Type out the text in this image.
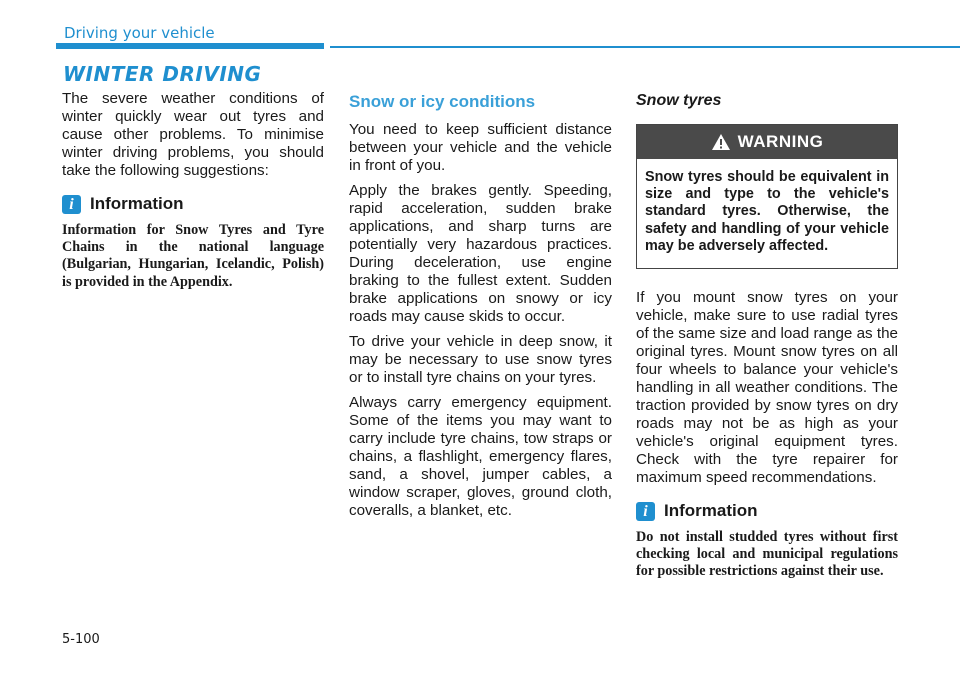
Driving your vehicle
WINTER DRIVING

The severe weather conditions of winter quickly wear out tyres and cause other problems. To minimise winter driving problems, you should take the following suggestions:

i Information

Information for Snow Tyres and Tyre Chains in the national language (Bulgarian, Hungarian, Icelandic, Polish) is provided in the Appendix.

Snow or icy conditions

You need to keep sufficient distance between your vehicle and the vehicle in front of you.

Apply the brakes gently. Speeding, rapid acceleration, sudden brake applications, and sharp turns are potentially very hazardous practices. During deceleration, use engine braking to the fullest extent. Sudden brake applications on snowy or icy roads may cause skids to occur.

To drive your vehicle in deep snow, it may be necessary to use snow tyres or to install tyre chains on your tyres.

Always carry emergency equipment. Some of the items you may want to carry include tyre chains, tow straps or chains, a flashlight, emergency flares, sand, a shovel, jumper cables, a window scraper, gloves, ground cloth, coveralls, a blanket, etc.

Snow tyres
WARNING

Snow tyres should be equivalent in size and type to the vehicle's standard tyres. Otherwise, the safety and handling of your vehicle may be adversely affected.

If you mount snow tyres on your vehicle, make sure to use radial tyres of the same size and load range as the original tyres. Mount snow tyres on all four wheels to balance your vehicle's handling in all weather conditions. The traction provided by snow tyres on dry roads may not be as high as your vehicle's original equipment tyres. Check with the tyre repairer for maximum speed recommendations.

i Information

Do not install studded tyres without first checking local and municipal regulations for possible restrictions against their use.

5-100
